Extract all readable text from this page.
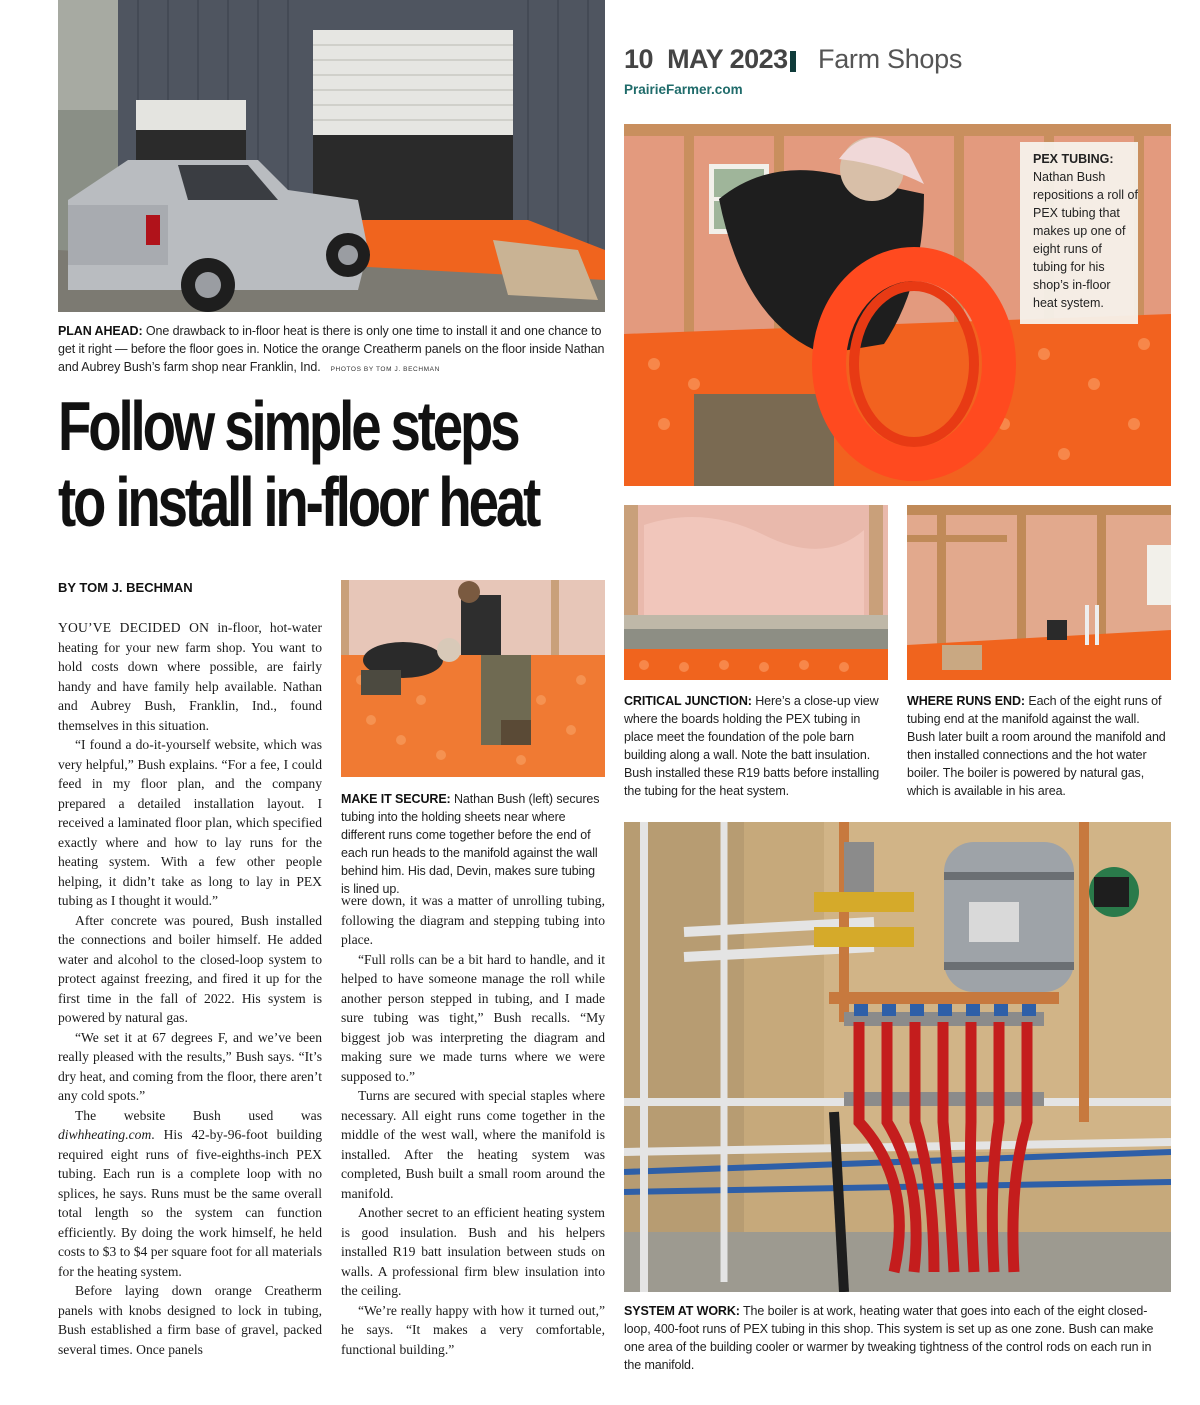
10 MAY 2023 Farm Shops
PrairieFarmer.com
PLAN AHEAD: One drawback to in-floor heat is there is only one time to install it and one chance to get it right — before the floor goes in. Notice the orange Creatherm panels on the floor inside Nathan and Aubrey Bush’s farm shop near Franklin, Ind. PHOTOS BY TOM J. BECHMAN
Follow simple steps
to install in-floor heat
BY TOM J. BECHMAN

YOU’VE DECIDED ON in-floor, hot-water heating for your new farm shop. You want to hold costs down where possible, are fairly handy and have family help available. Nathan and Aubrey Bush, Franklin, Ind., found themselves in this situation.

“I found a do-it-yourself website, which was very helpful,” Bush explains. “For a fee, I could feed in my floor plan, and the company prepared a detailed installation layout. I received a laminated floor plan, which specified exactly where and how to lay runs for the heating system. With a few other people helping, it didn’t take as long to lay in PEX tubing as I thought it would.”

After concrete was poured, Bush installed the connections and boiler himself. He added water and alcohol to the closed-loop system to protect against freezing, and fired it up for the first time in the fall of 2022. His system is powered by natural gas.

“We set it at 67 degrees F, and we’ve been really pleased with the results,” Bush says. “It’s dry heat, and coming from the floor, there aren’t any cold spots.”

The website Bush used was diwhheating.com. His 42-by-96-foot building required eight runs of five-eighths-inch PEX tubing. Each run is a complete loop with no splices, he says. Runs must be the same overall total length so the system can function efficiently. By doing the work himself, he held costs to $3 to $4 per square foot for all materials for the heating system.

Before laying down orange Creatherm panels with knobs designed to lock in tubing, Bush established a firm base of gravel, packed several times. Once panels

MAKE IT SECURE: Nathan Bush (left) secures tubing into the holding sheets near where different runs come together before the end of each run heads to the manifold against the wall behind him. His dad, Devin, makes sure tubing is lined up.

were down, it was a matter of unrolling tubing, following the diagram and stepping tubing into place.

“Full rolls can be a bit hard to handle, and it helped to have someone manage the roll while another person stepped in tubing, and I made sure tubing was tight,” Bush recalls. “My biggest job was interpreting the diagram and making sure we made turns where we were supposed to.”

Turns are secured with special staples where necessary. All eight runs come together in the middle of the west wall, where the manifold is installed. After the heating system was completed, Bush built a small room around the manifold.

Another secret to an efficient heating system is good insulation. Bush and his helpers installed R19 batt insulation between studs on walls. A professional firm blew insulation into the ceiling.

“We’re really happy with how it turned out,” he says. “It makes a very comfortable, functional building.”

PEX TUBING:
Nathan Bush repositions a roll of PEX tubing that makes up one of eight runs of tubing for his shop’s in-floor heat system.
CRITICAL JUNCTION: Here’s a close-up view where the boards holding the PEX tubing in place meet the foundation of the pole barn building along a wall. Note the batt insulation. Bush installed these R19 batts before installing the tubing for the heat system.
WHERE RUNS END: Each of the eight runs of tubing end at the manifold against the wall. Bush later built a room around the manifold and then installed connections and the hot water boiler. The boiler is powered by natural gas, which is available in his area.
SYSTEM AT WORK: The boiler is at work, heating water that goes into each of the eight closed-loop, 400-foot runs of PEX tubing in this shop. This system is set up as one zone. Bush can make one area of the building cooler or warmer by tweaking tightness of the control rods on each run in the manifold.
